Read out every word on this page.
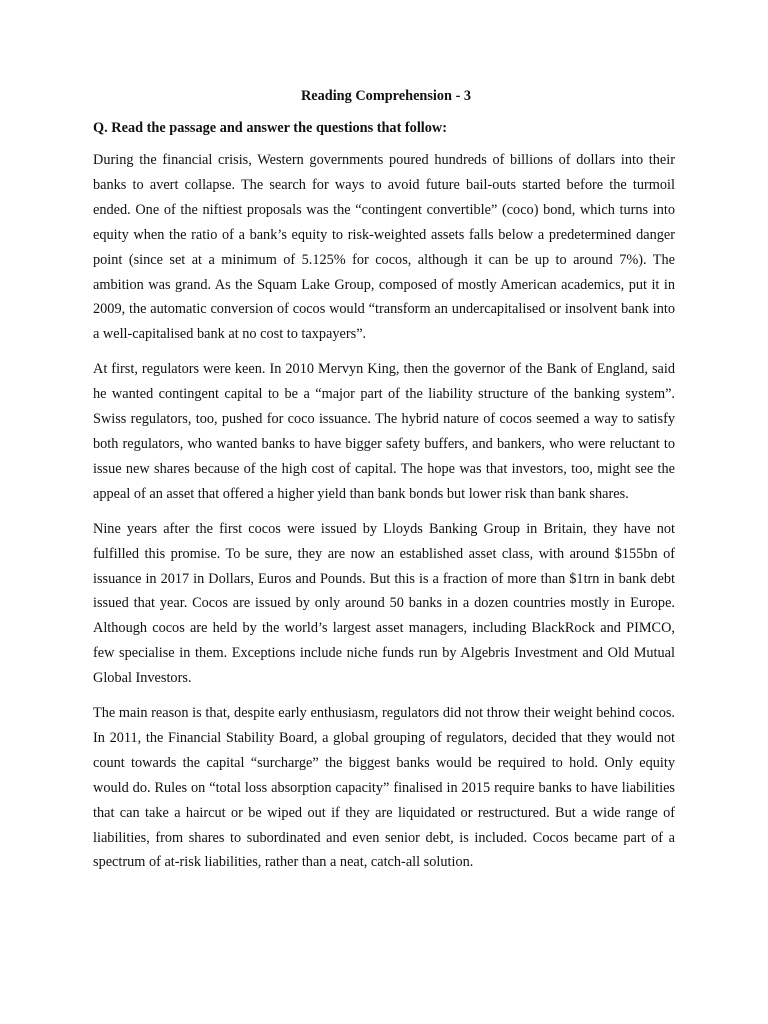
Reading Comprehension - 3
Q. Read the passage and answer the questions that follow:

During the financial crisis, Western governments poured hundreds of billions of dollars into their banks to avert collapse. The search for ways to avoid future bail-outs started before the turmoil ended. One of the niftiest proposals was the “contingent convertible” (coco) bond, which turns into equity when the ratio of a bank’s equity to risk-weighted assets falls below a predetermined danger point (since set at a minimum of 5.125% for cocos, although it can be up to around 7%). The ambition was grand. As the Squam Lake Group, composed of mostly American academics, put it in 2009, the automatic conversion of cocos would “transform an undercapitalised or insolvent bank into a well-capitalised bank at no cost to taxpayers”.

At first, regulators were keen. In 2010 Mervyn King, then the governor of the Bank of England, said he wanted contingent capital to be a “major part of the liability structure of the banking system”. Swiss regulators, too, pushed for coco issuance. The hybrid nature of cocos seemed a way to satisfy both regulators, who wanted banks to have bigger safety buffers, and bankers, who were reluctant to issue new shares because of the high cost of capital. The hope was that investors, too, might see the appeal of an asset that offered a higher yield than bank bonds but lower risk than bank shares.

Nine years after the first cocos were issued by Lloyds Banking Group in Britain, they have not fulfilled this promise. To be sure, they are now an established asset class, with around $155bn of issuance in 2017 in Dollars, Euros and Pounds. But this is a fraction of more than $1trn in bank debt issued that year. Cocos are issued by only around 50 banks in a dozen countries mostly in Europe. Although cocos are held by the world’s largest asset managers, including BlackRock and PIMCO, few specialise in them. Exceptions include niche funds run by Algebris Investment and Old Mutual Global Investors.

The main reason is that, despite early enthusiasm, regulators did not throw their weight behind cocos. In 2011, the Financial Stability Board, a global grouping of regulators, decided that they would not count towards the capital “surcharge” the biggest banks would be required to hold. Only equity would do. Rules on “total loss absorption capacity” finalised in 2015 require banks to have liabilities that can take a haircut or be wiped out if they are liquidated or restructured. But a wide range of liabilities, from shares to subordinated and even senior debt, is included. Cocos became part of a spectrum of at-risk liabilities, rather than a neat, catch-all solution.
